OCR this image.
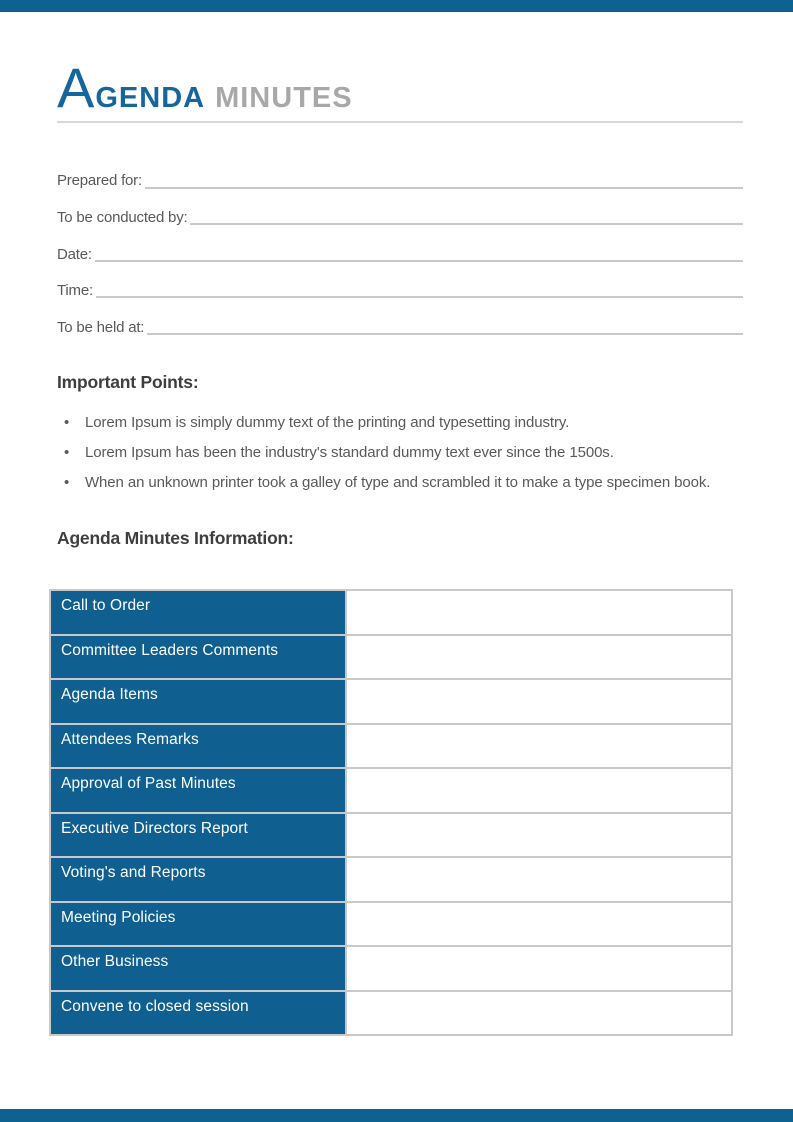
A GENDA MINUTES
Prepared for:
To be conducted by:
Date:
Time:
To be held at:
Important Points:
• Lorem Ipsum is simply dummy text of the printing and typesetting industry.
• Lorem Ipsum has been the industry's standard dummy text ever since the 1500s.
• When an unknown printer took a galley of type and scrambled it to make a type specimen book.
Agenda Minutes Information:
Call to Order	
Committee Leaders Comments	
Agenda Items	
Attendees Remarks	
Approval of Past Minutes	
Executive Directors Report	
Voting's and Reports	
Meeting Policies	
Other Business	
Convene to closed session	
